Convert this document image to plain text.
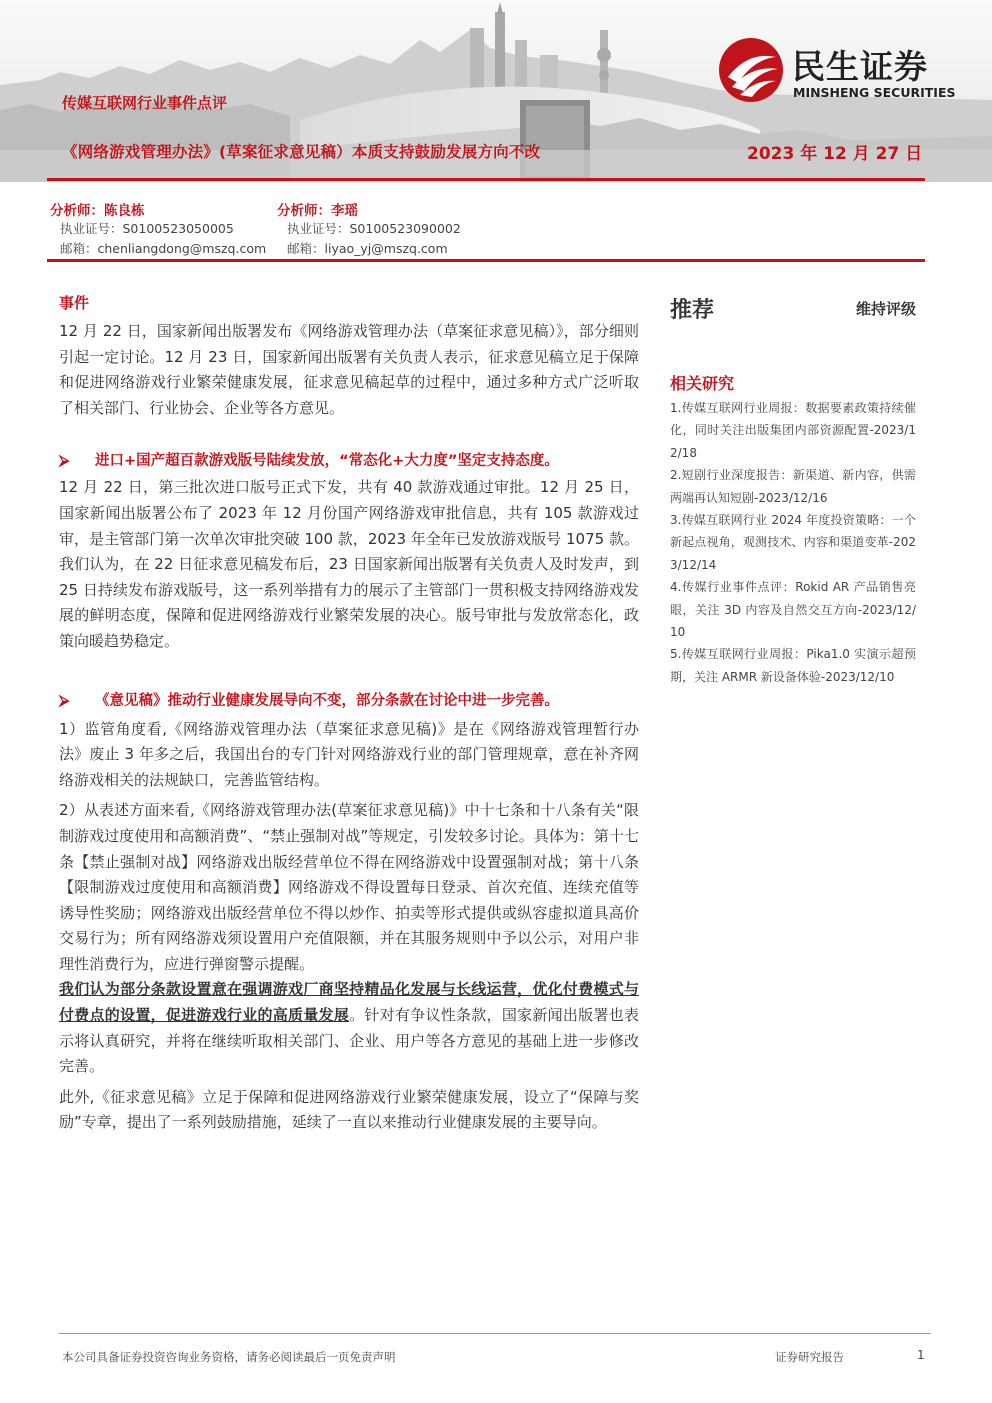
传媒互联网行业事件点评
《网络游戏管理办法》(草案征求意见稿）本质支持鼓励发展方向不改	2023 年 12 月 27 日
民生证券
MINSHENG SECURITIES
分析师：陈良栋
执业证号：S0100523050005
邮箱：chenliangdong@mszq.com
分析师：李瑶
执业证号：S0100523090002
邮箱：liyao_yj@mszq.com
事件

12 月 22 日，国家新闻出版署发布《网络游戏管理办法（草案征求意见稿）》，部分细则引起一定讨论。12 月 23 日，国家新闻出版署有关负责人表示，征求意见稿立足于保障和促进网络游戏行业繁荣健康发展，征求意见稿起草的过程中，通过多种方式广泛听取了相关部门、行业协会、企业等各方意见。

⮚ 进口+国产超百款游戏版号陆续发放，“常态化+大力度”坚定支持态度。

12 月 22 日，第三批次进口版号正式下发，共有 40 款游戏通过审批。12 月 25 日，国家新闻出版署公布了 2023 年 12 月份国产网络游戏审批信息，共有 105 款游戏过审，是主管部门第一次单次审批突破 100 款，2023 年全年已发放游戏版号 1075 款。我们认为，在 22 日征求意见稿发布后，23 日国家新闻出版署有关负责人及时发声，到 25 日持续发布游戏版号，这一系列举措有力的展示了主管部门一贯积极支持网络游戏发展的鲜明态度，保障和促进网络游戏行业繁荣发展的决心。版号审批与发放常态化，政策向暖趋势稳定。

⮚ 《意见稿》推动行业健康发展导向不变，部分条款在讨论中进一步完善。

1）监管角度看,《网络游戏管理办法（草案征求意见稿)》是在《网络游戏管理暂行办法》废止 3 年多之后，我国出台的专门针对网络游戏行业的部门管理规章，意在补齐网络游戏相关的法规缺口，完善监管结构。

2）从表述方面来看,《网络游戏管理办法(草案征求意见稿)》中十七条和十八条有关“限制游戏过度使用和高额消费”、“禁止强制对战”等规定，引发较多讨论。具体为：第十七条【禁止强制对战】网络游戏出版经营单位不得在网络游戏中设置强制对战；第十八条【限制游戏过度使用和高额消费】网络游戏不得设置每日登录、首次充值、连续充值等诱导性奖励；网络游戏出版经营单位不得以炒作、拍卖等形式提供或纵容虚拟道具高价交易行为；所有网络游戏须设置用户充值限额，并在其服务规则中予以公示，对用户非理性消费行为，应进行弹窗警示提醒。

我们认为部分条款设置意在强调游戏厂商坚持精品化发展与长线运营，优化付费模式与付费点的设置，促进游戏行业的高质量发展。针对有争议性条款，国家新闻出版署也表示将认真研究，并将在继续听取相关部门、企业、用户等各方意见的基础上进一步修改完善。

此外,《征求意见稿》立足于保障和促进网络游戏行业繁荣健康发展，设立了“保障与奖励”专章，提出了一系列鼓励措施，延续了一直以来推动行业健康发展的主要导向。

推荐	维持评级
相关研究
1.传媒互联网行业周报：数据要素政策持续催化，同时关注出版集团内部资源配置-2023/12/18
2.短剧行业深度报告：新渠道、新内容，供需两端再认知短剧-2023/12/16
3.传媒互联网行业 2024 年度投资策略：一个新起点视角，观测技术、内容和渠道变革-2023/12/14
4.传媒行业事件点评：Rokid AR 产品销售亮眼，关注 3D 内容及自然交互方向-2023/12/10
5.传媒互联网行业周报：Pika1.0 实演示超预期，关注 ARMR 新设备体验-2023/12/10
本公司具备证券投资咨询业务资格，请务必阅读最后一页免责声明	证券研究报告	1
